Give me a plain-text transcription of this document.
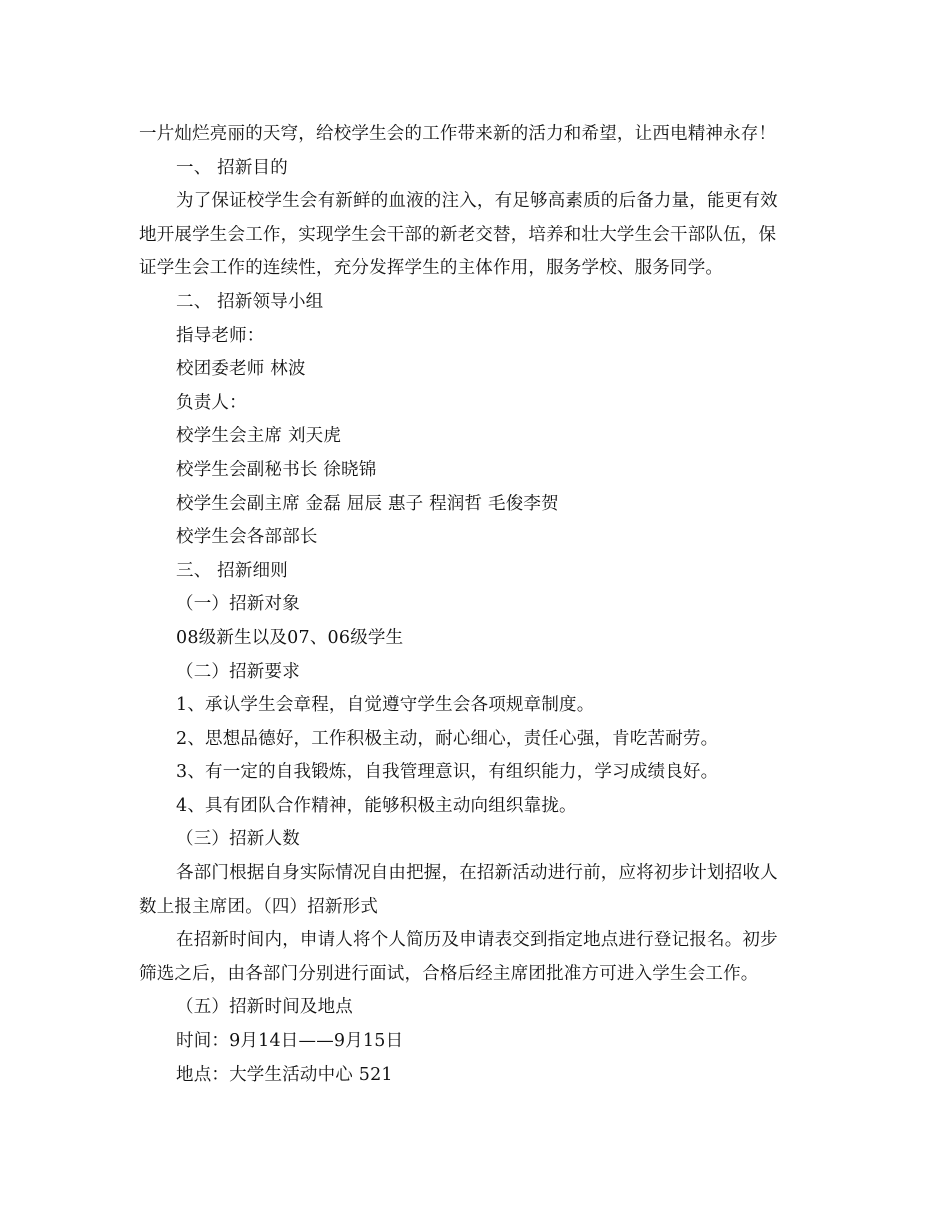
一片灿烂亮丽的天穹，给校学生会的工作带来新的活力和希望，让西电精神永存！
一、 招新目的
为了保证校学生会有新鲜的血液的注入，有足够高素质的后备力量，能更有效
地开展学生会工作，实现学生会干部的新老交替，培养和壮大学生会干部队伍，保
证学生会工作的连续性，充分发挥学生的主体作用，服务学校、服务同学。
二、 招新领导小组
指导老师：
校团委老师 林波
负责人：
校学生会主席 刘天虎
校学生会副秘书长 徐晓锦
校学生会副主席 金磊 屈辰 惠子 程润哲 毛俊李贺
校学生会各部部长
三、 招新细则
（一）招新对象
08级新生以及07、06级学生
（二）招新要求
1、承认学生会章程，自觉遵守学生会各项规章制度。
2、思想品德好，工作积极主动，耐心细心，责任心强，肯吃苦耐劳。
3、有一定的自我锻炼，自我管理意识，有组织能力，学习成绩良好。
4、具有团队合作精神，能够积极主动向组织靠拢。
（三）招新人数
各部门根据自身实际情况自由把握，在招新活动进行前，应将初步计划招收人
数上报主席团。（四）招新形式
在招新时间内，申请人将个人简历及申请表交到指定地点进行登记报名。初步
筛选之后，由各部门分别进行面试，合格后经主席团批准方可进入学生会工作。
（五）招新时间及地点
时间：9月14日——9月15日
地点：大学生活动中心 521
